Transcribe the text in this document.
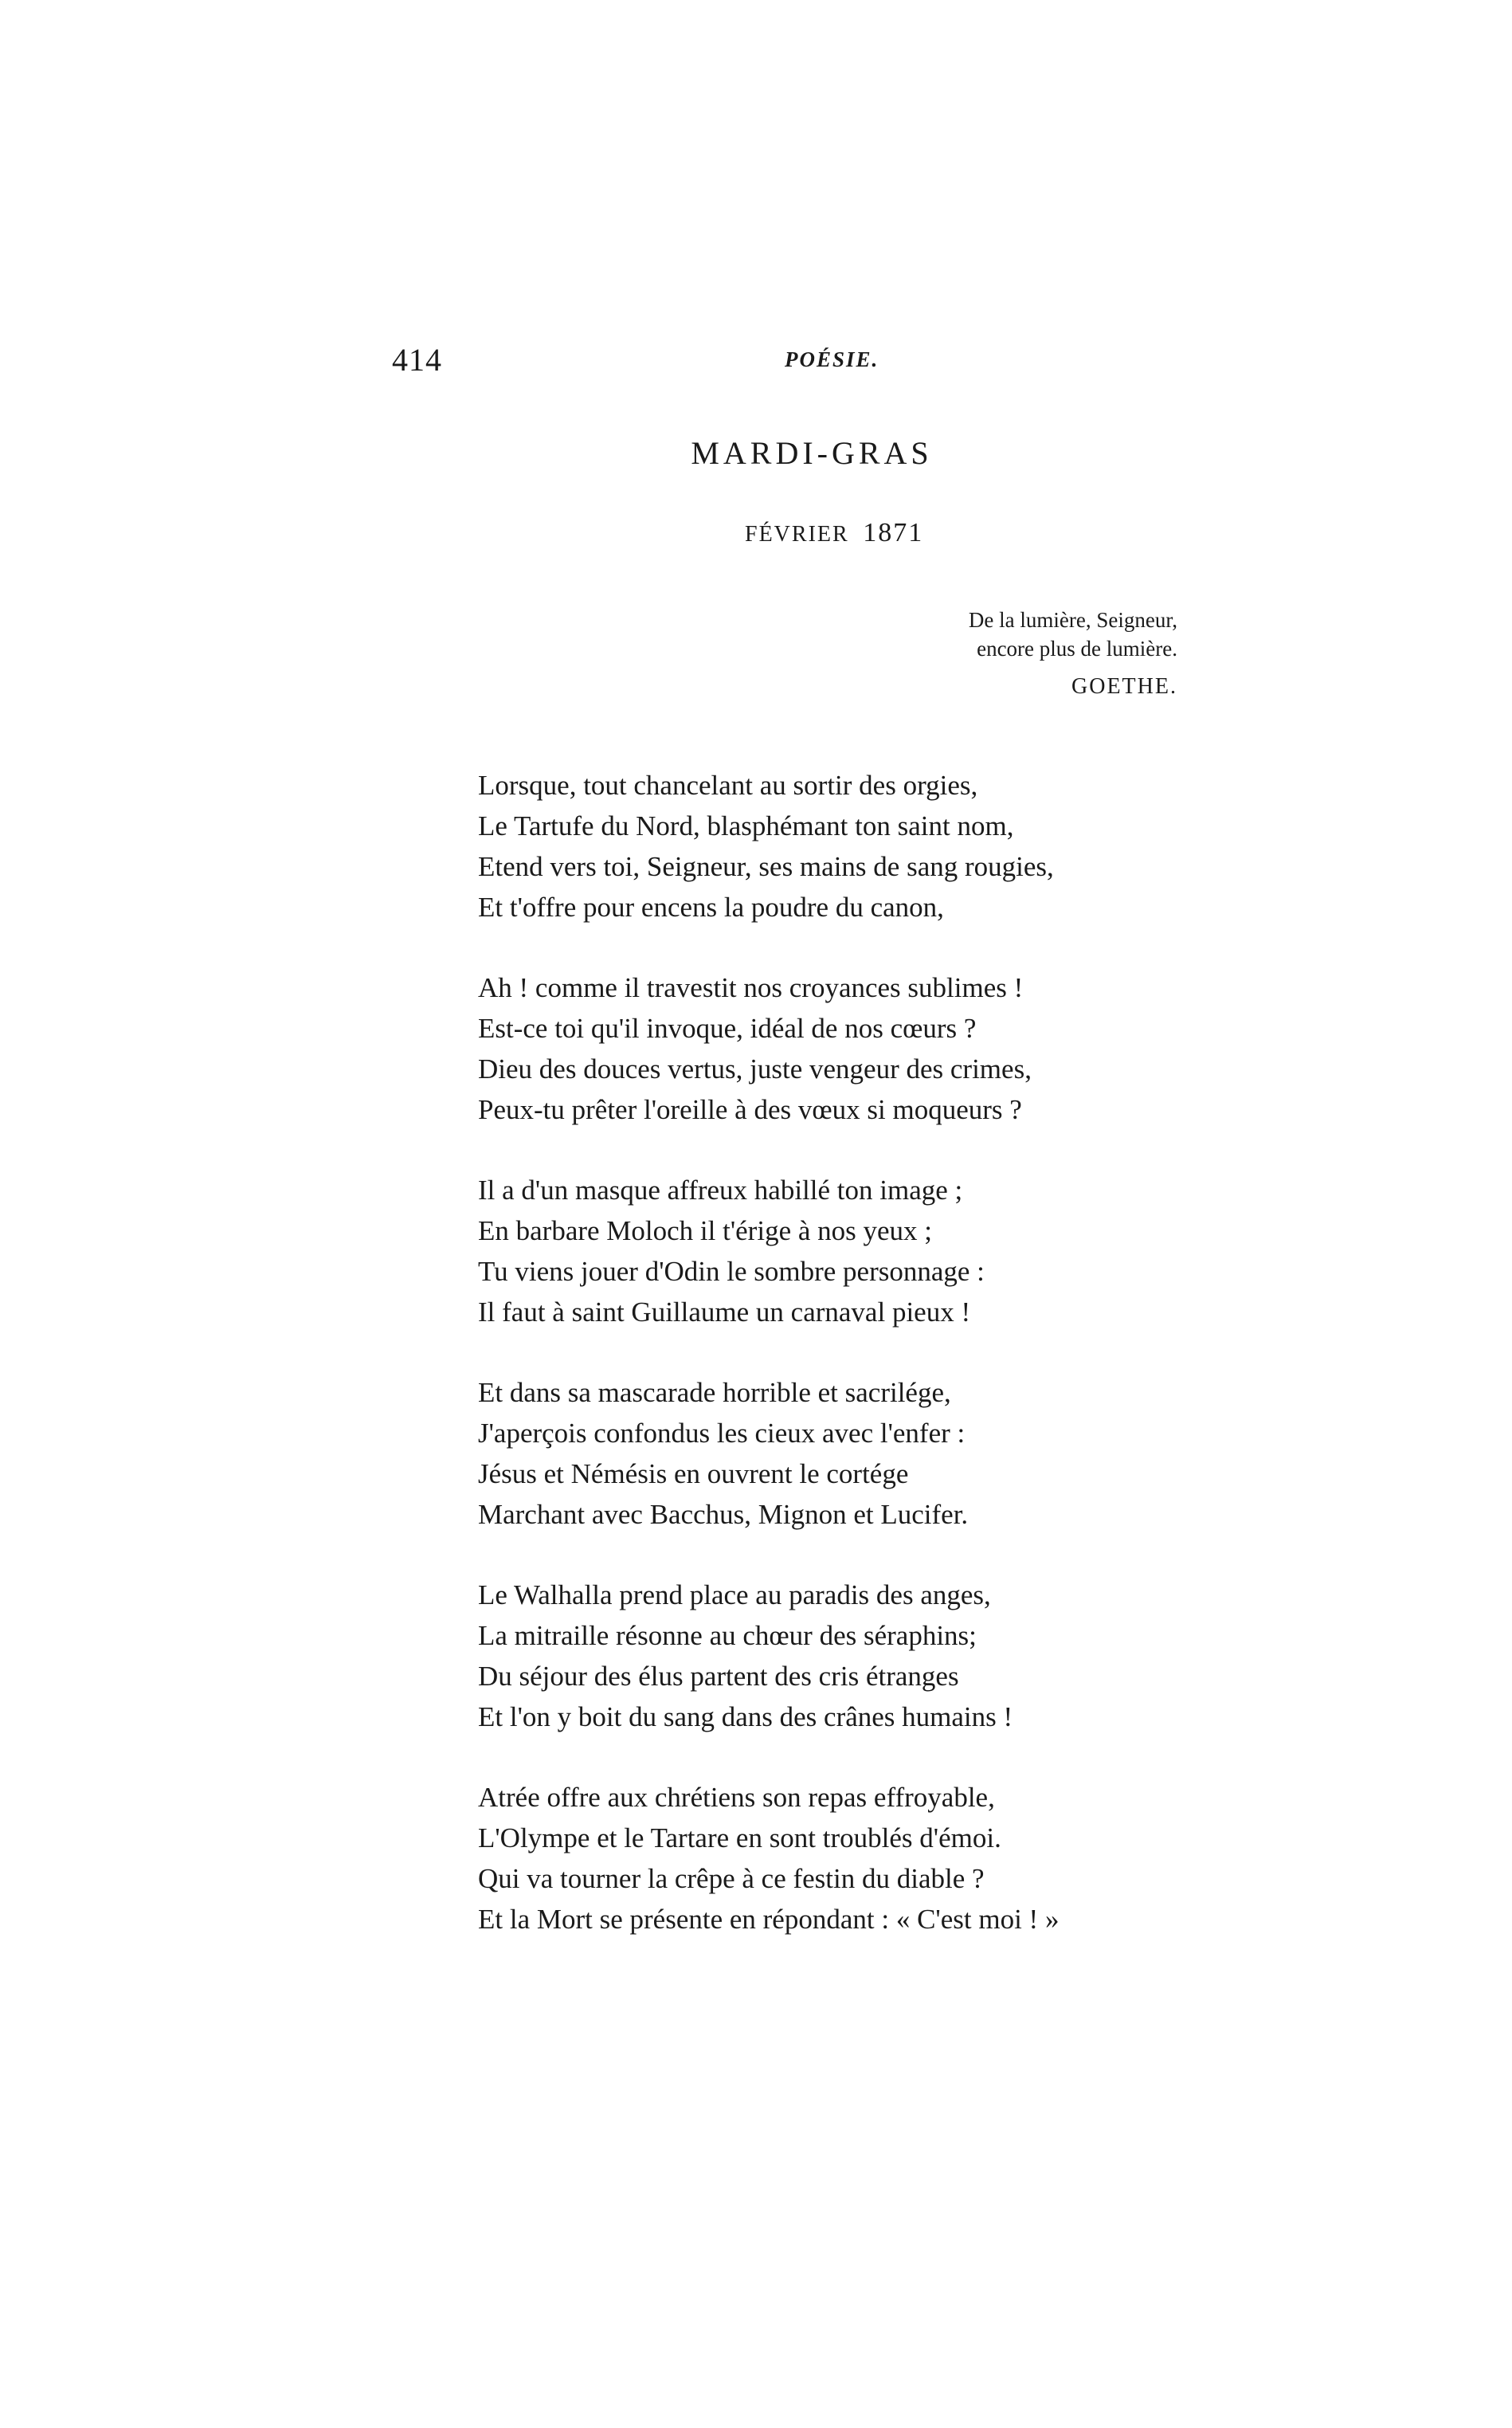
414	POÉSIE.
MARDI-GRAS
FÉVRIER 1871
De la lumière, Seigneur,
encore plus de lumière.
GOETHE.
Lorsque, tout chancelant au sortir des orgies,
Le Tartufe du Nord, blasphémant ton saint nom,
Etend vers toi, Seigneur, ses mains de sang rougies,
Et t'offre pour encens la poudre du canon,
Ah ! comme il travestit nos croyances sublimes !
Est-ce toi qu'il invoque, idéal de nos cœurs ?
Dieu des douces vertus, juste vengeur des crimes,
Peux-tu prêter l'oreille à des vœux si moqueurs ?
Il a d'un masque affreux habillé ton image ;
En barbare Moloch il t'érige à nos yeux ;
Tu viens jouer d'Odin le sombre personnage :
Il faut à saint Guillaume un carnaval pieux !
Et dans sa mascarade horrible et sacrilége,
J'aperçois confondus les cieux avec l'enfer :
Jésus et Némésis en ouvrent le cortége
Marchant avec Bacchus, Mignon et Lucifer.
Le Walhalla prend place au paradis des anges,
La mitraille résonne au chœur des séraphins;
Du séjour des élus partent des cris étranges
Et l'on y boit du sang dans des crânes humains !
Atrée offre aux chrétiens son repas effroyable,
L'Olympe et le Tartare en sont troublés d'émoi.
Qui va tourner la crêpe à ce festin du diable ?
Et la Mort se présente en répondant : « C'est moi ! »
